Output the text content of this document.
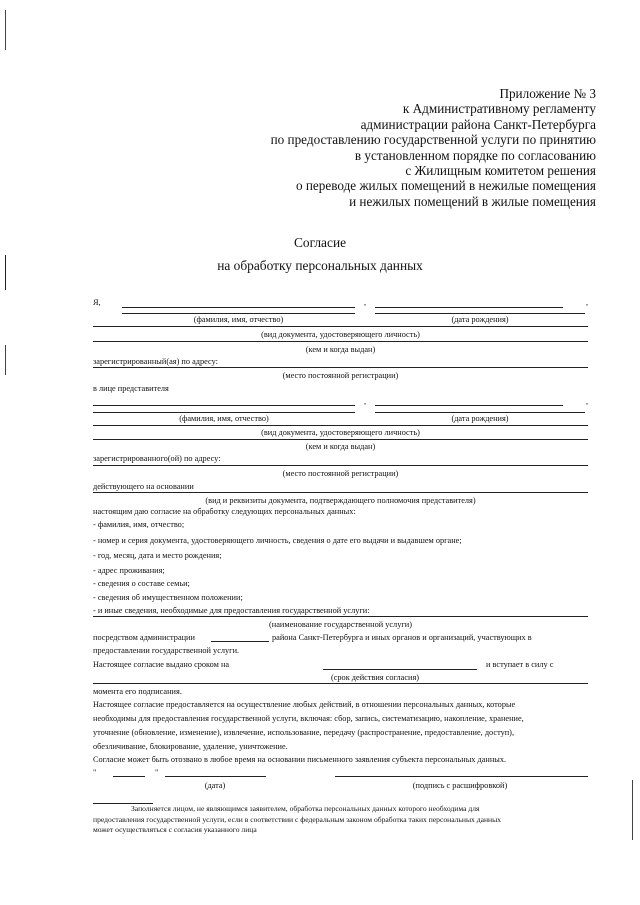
Приложение № 3
к Административному регламенту
администрации района Санкт-Петербурга
по предоставлению государственной услуги по принятию
в установленном порядке по согласованию
с Жилищным комитетом решения
о переводе жилых помещений в нежилые помещения
и нежилых помещений в жилые помещения
Согласие
на обработку персональных данных
Я,	,	,
(фамилия, имя, отчество)	(дата рождения)
(вид документа, удостоверяющего личность)
(кем и когда выдан)
зарегистрированный(ая) по адресу:
(место постоянной регистрации)
в лице представителя
,	,
(фамилия, имя, отчество)	(дата рождения)
(вид документа, удостоверяющего личность)
(кем и когда выдан)
зарегистрированного(ой) по адресу:
(место постоянной регистрации)
действующего на основании
(вид и реквизиты документа, подтверждающего полномочия представителя)
настоящим даю согласие на обработку следующих персональных данных:
- фамилия, имя, отчество;
- номер и серия документа, удостоверяющего личность, сведения о дате его выдачи и выдавшем органе;
- год, месяц, дата и место рождения;
- адрес проживания;
- сведения о составе семьи;
- сведения об имущественном положении;
- и иные сведения, необходимые для предоставления государственной услуги:
(наименование государственной услуги)
посредством администрации	района Санкт-Петербурга и иных органов и организаций, участвующих в
предоставлении государственной услуги.
Настоящее согласие выдано сроком на	и вступает в силу с
(срок действия согласия)
момента его подписания.
Настоящее согласие предоставляется на осуществление любых действий, в отношении персональных данных, которые
необходимы для предоставления государственной услуги, включая: сбор, запись, систематизацию, накопление, хранение,
уточнение (обновление, изменение), извлечение, использование, передачу (распространение, предоставление, доступ),
обезличивание, блокирование, удаление, уничтожение.
Согласие может быть отозвано в любое время на основании письменного заявления субъекта персональных данных.
"	"
(дата)	(подпись с расшифровкой)
Заполняется лицом, не являющимся заявителем, обработка персональных данных которого необходима для
предоставления государственной услуги, если в соответствии с федеральным законом обработка таких персональных данных
может осуществляться с согласия указанного лица
